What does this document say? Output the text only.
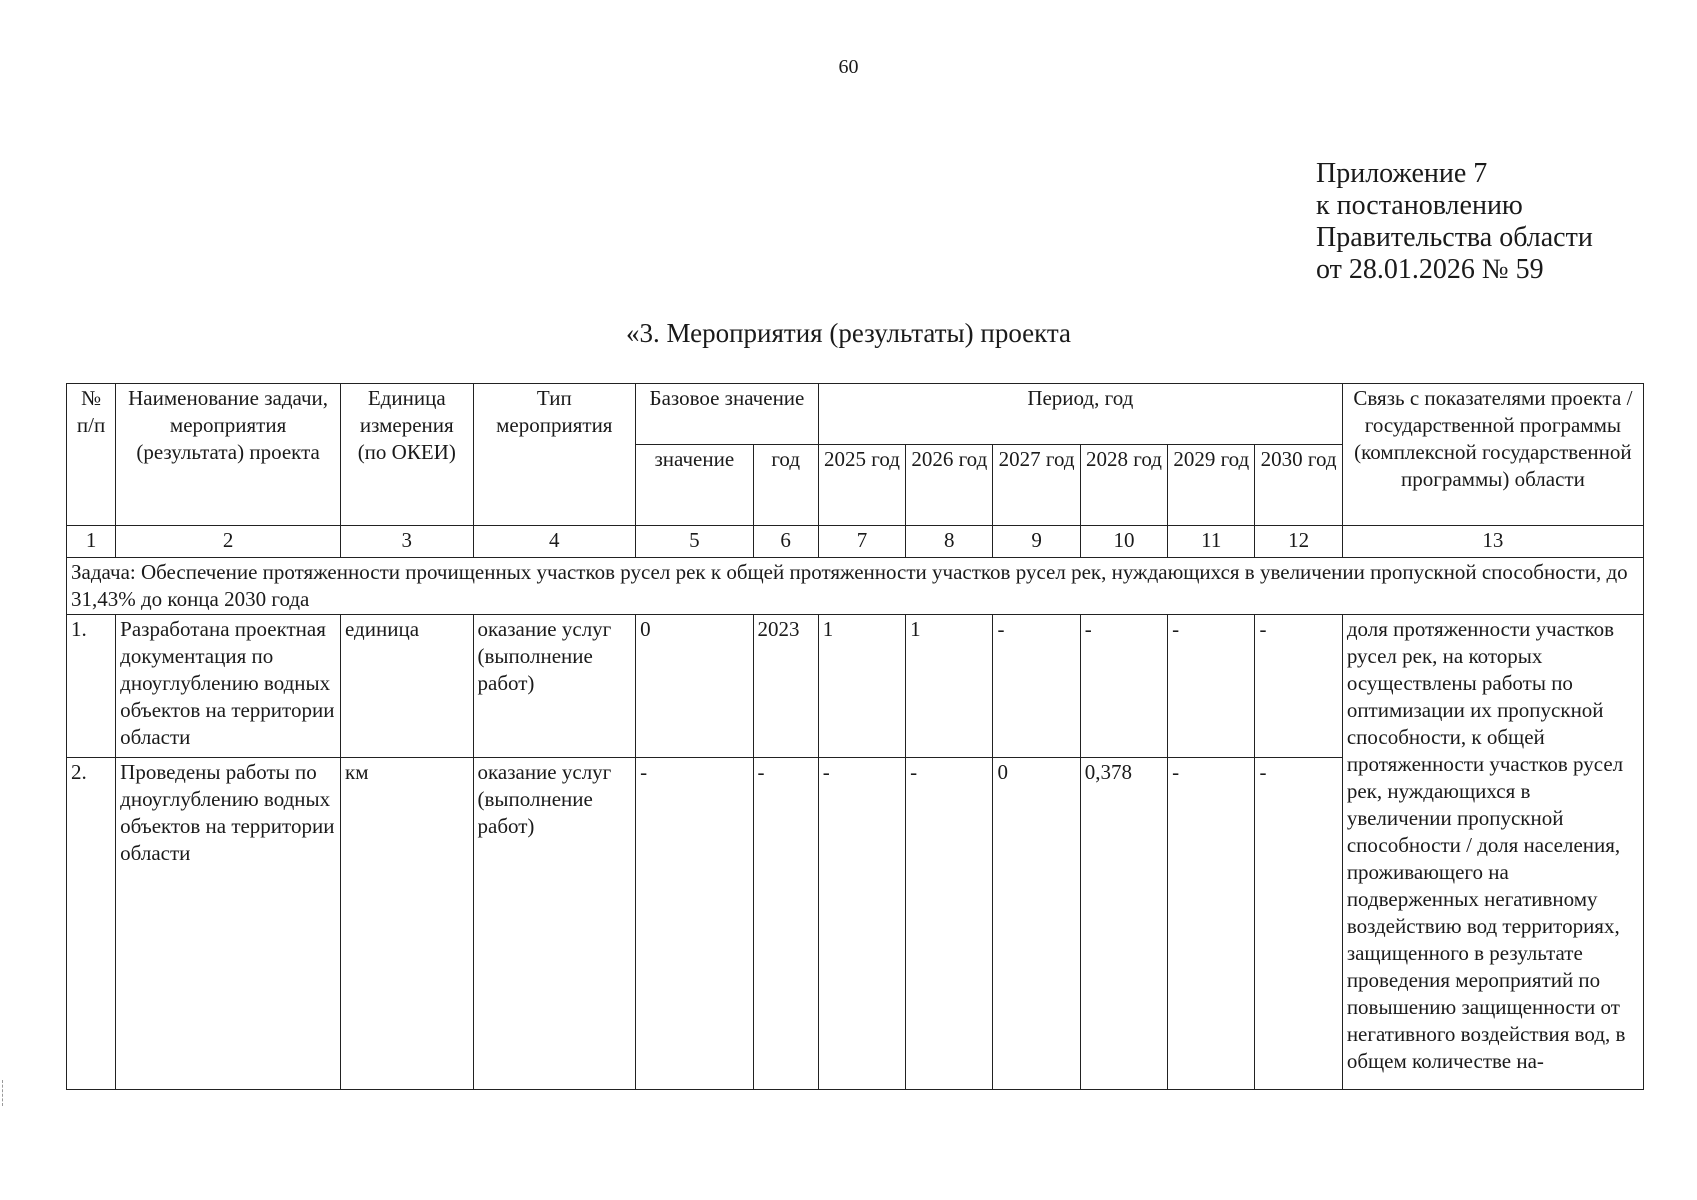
60
Приложение 7
к постановлению
Правительства области
от 28.01.2026 № 59
«3. Мероприятия (результаты) проекта
№ п/п	Наименование задачи, мероприятия (результата) проекта	Единица измерения (по ОКЕИ)	Тип мероприятия	Базовое значение		Период, год						Связь с показателями проекта / государственной программы (комплексной государственной программы) области
				значение	год	2025 год	2026 год	2027 год	2028 год	2029 год	2030 год	
1	2	3	4	5	6	7	8	9	10	11	12	13
Задача: Обеспечение протяженности прочищенных участков русел рек к общей протяженности участков русел рек, нуждающихся в увеличении пропускной способности, до 31,43% до конца 2030 года												
1.	Разработана проектная документация по дноуглублению водных объектов на территории области	единица	оказание услуг (выполнение работ)	0	2023	1	1	-	-	-	-	доля протяженности участков русел рек, на которых осуществлены работы по оптимизации их пропускной способности, к общей протяженности участков русел рек, нуждающихся в увеличении пропускной способности / доля населения, проживающего на подверженных негативному воздействию вод территориях, защищенного в результате проведения мероприятий по повышению защищенности от негативного воздействия вод, в общем количестве на-
2.	Проведены работы по дноуглублению водных объектов на территории области	км	оказание услуг (выполнение работ)	-	-	-	-	0	0,378	-	-	
